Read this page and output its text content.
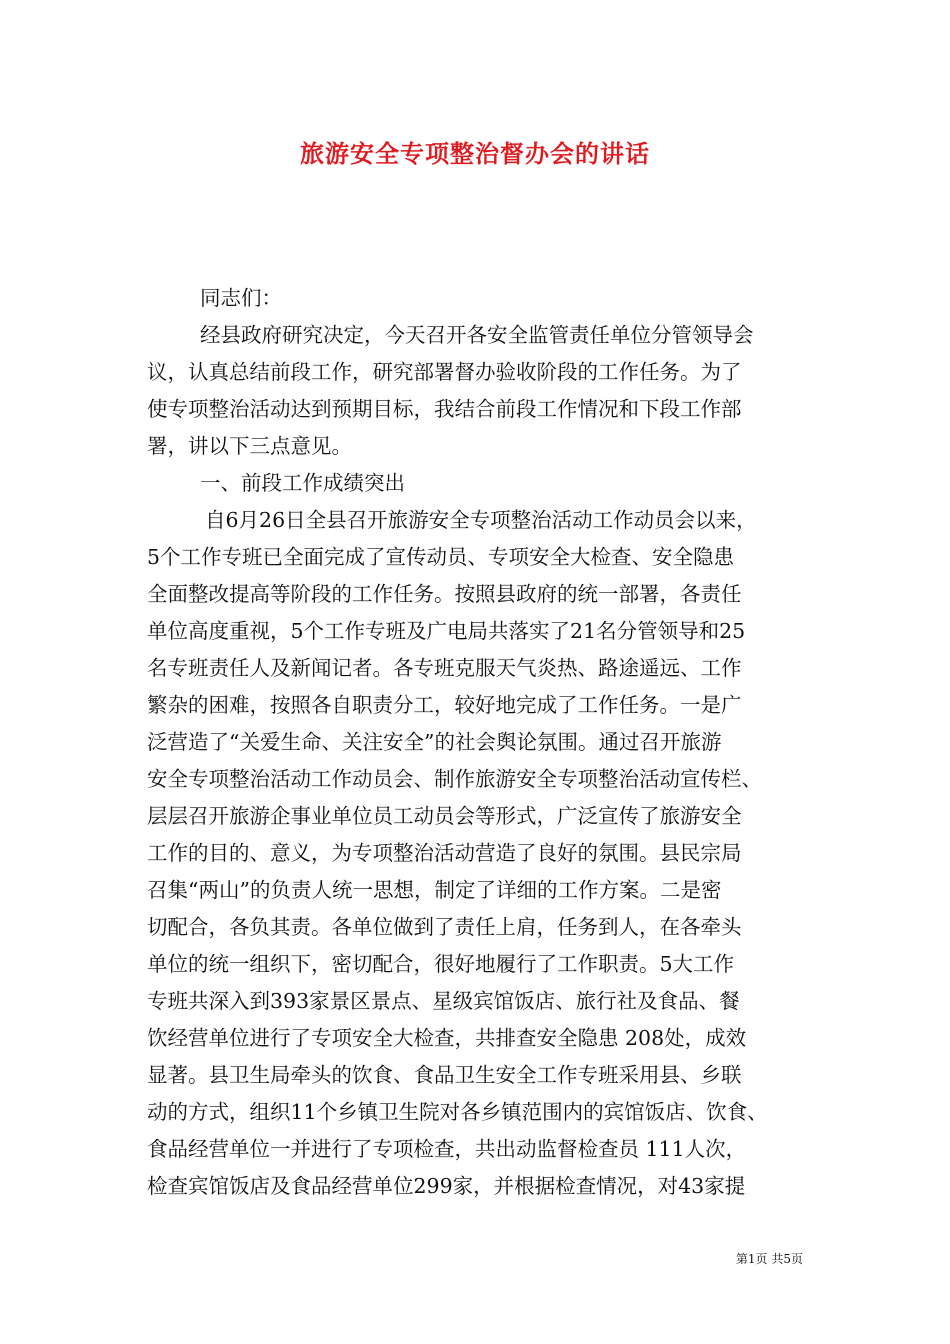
旅游安全专项整治督办会的讲话
同志们：
经县政府研究决定，今天召开各安全监管责任单位分管领导会
议，认真总结前段工作，研究部署督办验收阶段的工作任务。为了
使专项整治活动达到预期目标，我结合前段工作情况和下段工作部
署，讲以下三点意见。
一、前段工作成绩突出
自6月26日全县召开旅游安全专项整治活动工作动员会以来，
5个工作专班已全面完成了宣传动员、专项安全大检查、安全隐患
全面整改提高等阶段的工作任务。按照县政府的统一部署，各责任
单位高度重视，5个工作专班及广电局共落实了21名分管领导和25
名专班责任人及新闻记者。各专班克服天气炎热、路途遥远、工作
繁杂的困难，按照各自职责分工，较好地完成了工作任务。一是广
泛营造了“关爱生命、关注安全”的社会舆论氛围。通过召开旅游
安全专项整治活动工作动员会、制作旅游安全专项整治活动宣传栏、
层层召开旅游企事业单位员工动员会等形式，广泛宣传了旅游安全
工作的目的、意义，为专项整治活动营造了良好的氛围。县民宗局
召集“两山”的负责人统一思想，制定了详细的工作方案。二是密
切配合，各负其责。各单位做到了责任上肩，任务到人，在各牵头
单位的统一组织下，密切配合，很好地履行了工作职责。5大工作
专班共深入到393家景区景点、星级宾馆饭店、旅行社及食品、餐
饮经营单位进行了专项安全大检查，共排查安全隐患 208处，成效
显著。县卫生局牵头的饮食、食品卫生安全工作专班采用县、乡联
动的方式，组织11个乡镇卫生院对各乡镇范围内的宾馆饭店、饮食、
食品经营单位一并进行了专项检查，共出动监督检查员 111人次，
检查宾馆饭店及食品经营单位299家，并根据检查情况，对43家提
第1页 共5页
